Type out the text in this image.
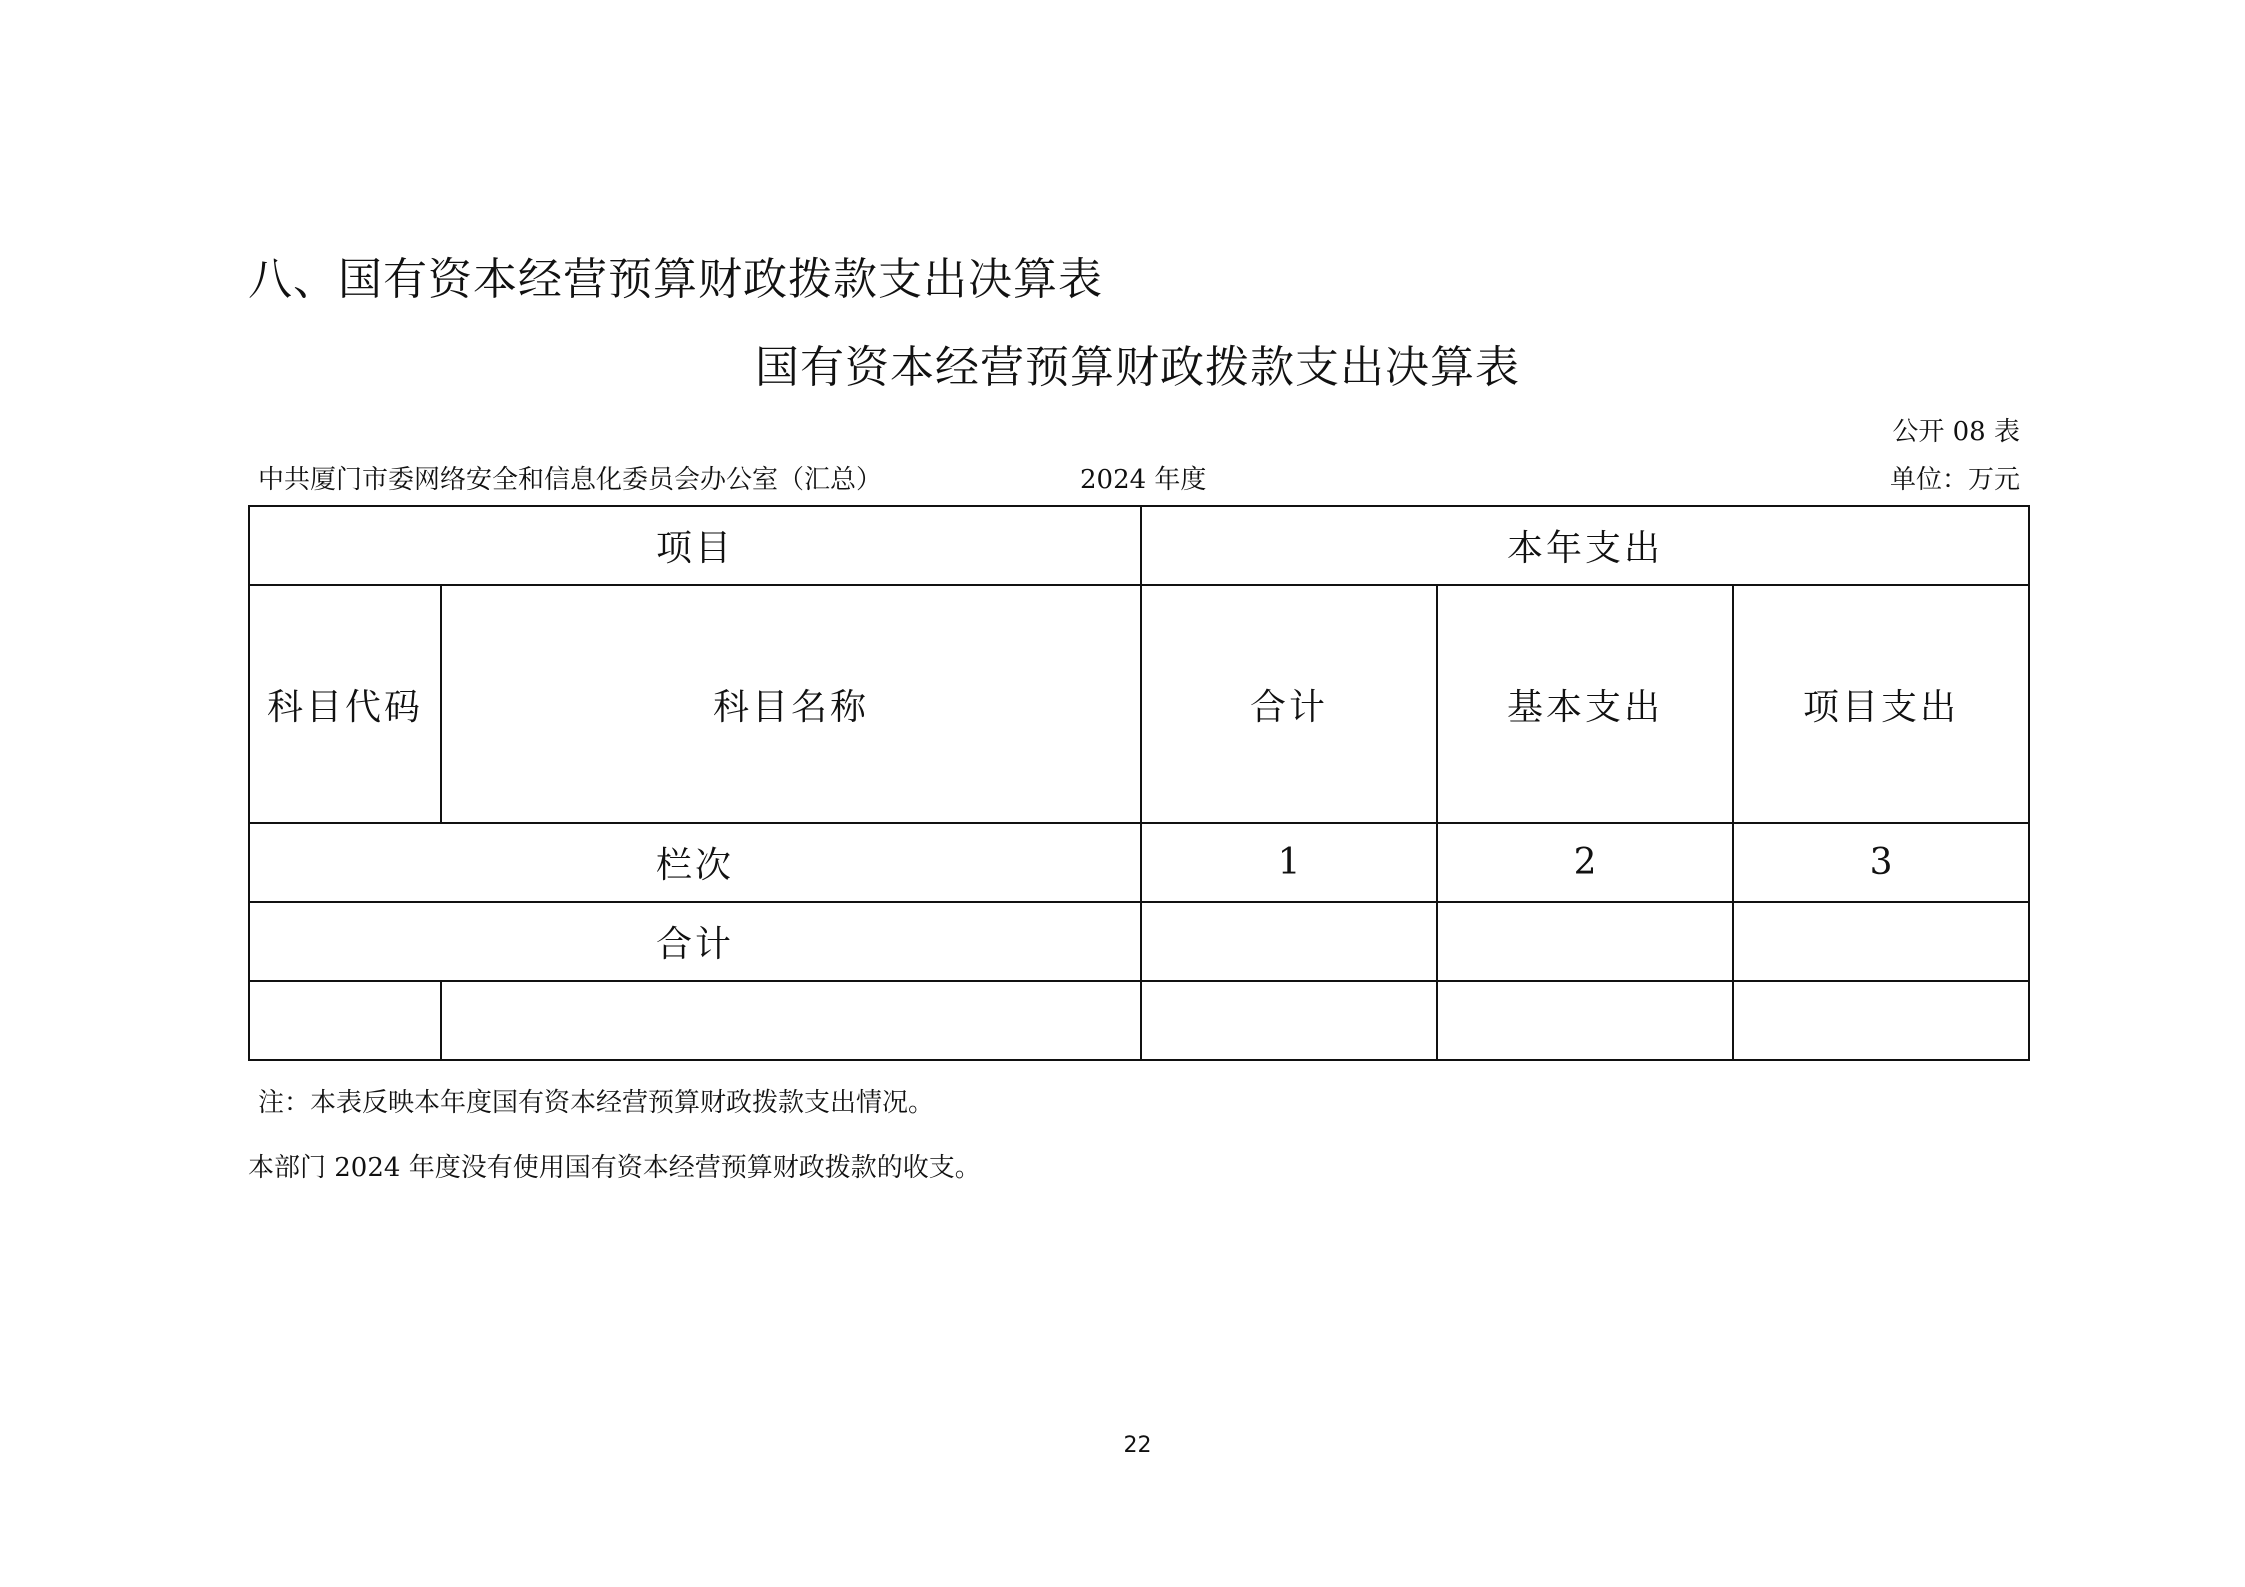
八、国有资本经营预算财政拨款支出决算表
国有资本经营预算财政拨款支出决算表
公开 08 表
中共厦门市委网络安全和信息化委员会办公室（汇总）	2024 年度	单位：万元
项目		本年支出		
科目代码	科目名称	合计	基本支出	项目支出
栏次		1	2	3
合计				

注：本表反映本年度国有资本经营预算财政拨款支出情况。
本部门 2024 年度没有使用国有资本经营预算财政拨款的收支。
22
